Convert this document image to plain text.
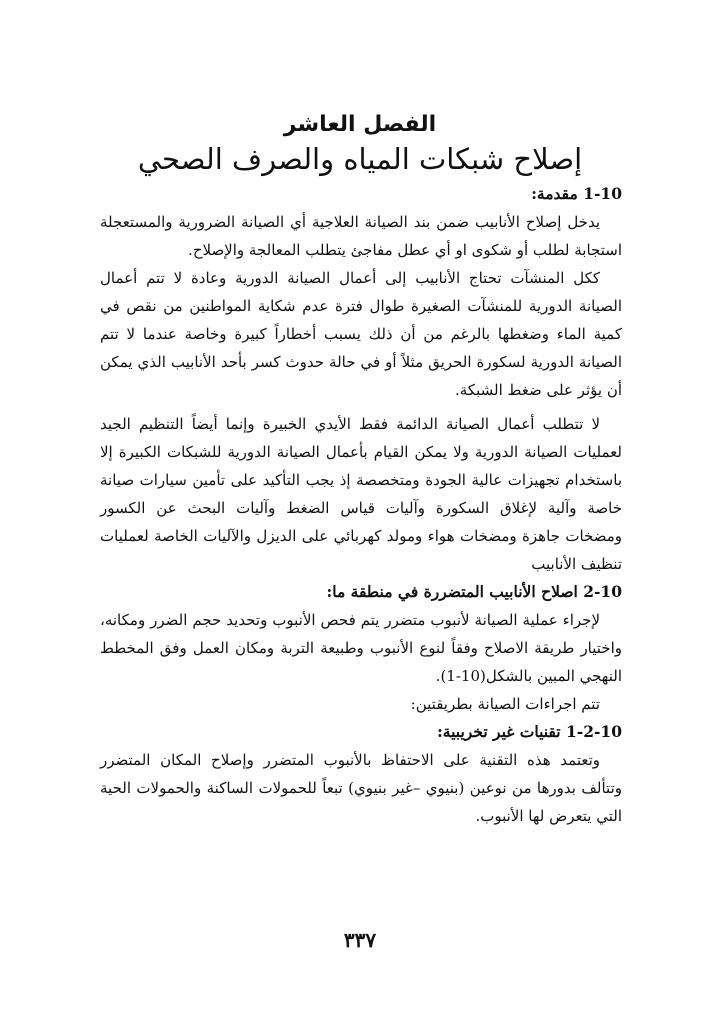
الفصل العاشر
إصلاح شبكات المياه والصرف الصحي
1-10 مقدمة:

يدخل إصلاح الأنابيب ضمن بند الصيانة العلاجية أي الصيانة الضرورية والمستعجلة استجابة لطلب أو شكوى او أي عطل مفاجئ يتطلب المعالجة والإصلاح.

ككل المنشآت تحتاج الأنابيب إلى أعمال الصيانة الدورية وعادة لا تتم أعمال الصيانة الدورية للمنشآت الصغيرة طوال فترة عدم شكاية المواطنين من نقص في كمية الماء وضغطها بالرغم من أن ذلك يسبب أخطاراً كبيرة وخاصة عندما لا تتم الصيانة الدورية لسكورة الحريق مثلاً أو في حالة حدوث كسر بأحد الأنابيب الذي يمكن أن يؤثر على ضغط الشبكة.

لا تتطلب أعمال الصيانة الدائمة فقط الأيدي الخبيرة وإنما أيضاً التنظيم الجيد لعمليات الصيانة الدورية ولا يمكن القيام بأعمال الصيانة الدورية للشبكات الكبيرة إلا باستخدام تجهيزات عالية الجودة ومتخصصة إذ يجب التأكيد على تأمين سيارات صيانة خاصة وآلية لإغلاق السكورة وآليات قياس الضغط وآليات البحث عن الكسور ومضخات جاهزة ومضخات هواء ومولد كهربائي على الديزل والآليات الخاصة لعمليات تنظيف الأنابيب

2-10 اصلاح الأنابيب المتضررة في منطقة ما:

لإجراء عملية الصيانة لأنبوب متضرر يتم فحص الأنبوب وتحديد حجم الضرر ومكانه، واختيار طريقة الاصلاح وفقاً لنوع الأنبوب وطبيعة التربة ومكان العمل وفق المخطط النهجي المبين بالشكل(10-1).

تتم اجراءات الصيانة بطريقتين:

1-2-10 تقنيات غير تخريبية:

وتعتمد هذه التقنية على الاحتفاظ بالأنبوب المتضرر وإصلاح المكان المتضرر وتتألف بدورها من نوعين (بنيوي –غير بنيوي) تبعاً للحمولات الساكنة والحمولات الحية التي يتعرض لها الأنبوب.

٣٣٧
